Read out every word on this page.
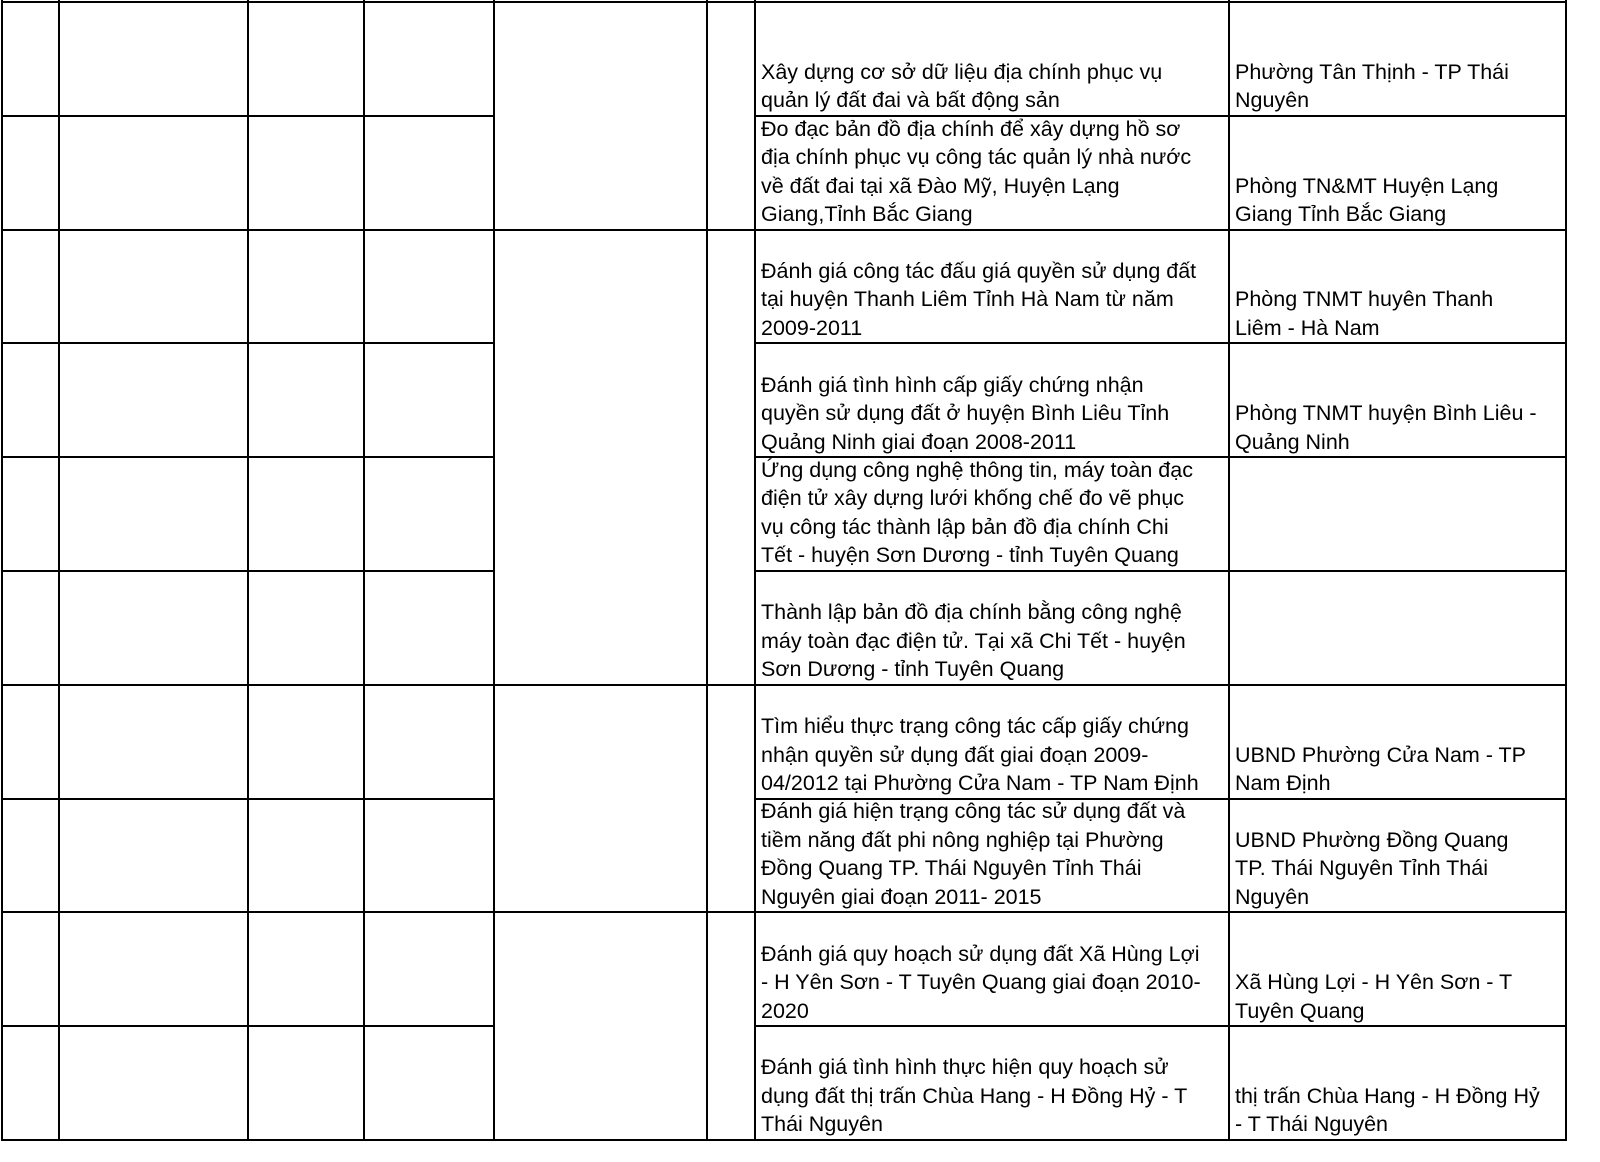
Xây dựng cơ sở dữ liệu địa chính phục vụ
quản lý đất đai và bất động sản
Phường Tân Thịnh - TP Thái
Nguyên
Đo đạc bản đồ địa chính để xây dựng hồ sơ
địa chính phục vụ công tác quản lý nhà nước
về đất đai tại xã Đào Mỹ, Huyện Lạng
Giang,Tỉnh Bắc Giang
Phòng TN&MT Huyện Lạng
Giang Tỉnh Bắc Giang
Đánh giá công tác đấu giá quyền sử dụng đất
tại huyện Thanh Liêm Tỉnh Hà Nam từ năm
2009-2011
Phòng TNMT huyên Thanh
Liêm - Hà Nam
Đánh giá tình hình cấp giấy chứng nhận
quyền sử dụng đất ở huyện Bình Liêu Tỉnh
Quảng Ninh giai đoạn 2008-2011
Phòng TNMT huyện Bình Liêu -
Quảng Ninh
Ứng dụng công nghệ thông tin, máy toàn đạc
điện tử xây dựng lưới khống chế đo vẽ phục
vụ công tác thành lập bản đồ địa chính Chi
Tết - huyện Sơn Dương - tỉnh Tuyên Quang
Thành lập bản đồ địa chính bằng công nghệ
máy toàn đạc điện tử. Tại xã Chi Tết - huyện
Sơn Dương - tỉnh Tuyên Quang
Tìm hiểu thực trạng công tác cấp giấy chứng
nhận quyền sử dụng đất giai đoạn 2009-
04/2012 tại Phường Cửa Nam - TP Nam Định
UBND Phường Cửa Nam - TP
Nam Định
Đánh giá hiện trạng công tác sử dụng đất và
tiềm năng đất phi nông nghiệp tại Phường
Đồng Quang TP. Thái Nguyên Tỉnh Thái
Nguyên giai đoạn 2011- 2015
UBND Phường Đồng Quang
TP. Thái Nguyên Tỉnh Thái
Nguyên
Đánh giá quy hoạch sử dụng đất Xã Hùng Lợi
- H Yên Sơn - T Tuyên Quang giai đoạn 2010-
2020
Xã Hùng Lợi - H Yên Sơn - T
Tuyên Quang
Đánh giá tình hình thực hiện quy hoạch sử
dụng đất thị trấn Chùa Hang - H Đồng Hỷ - T
Thái Nguyên
thị trấn Chùa Hang - H Đồng Hỷ
- T Thái Nguyên
